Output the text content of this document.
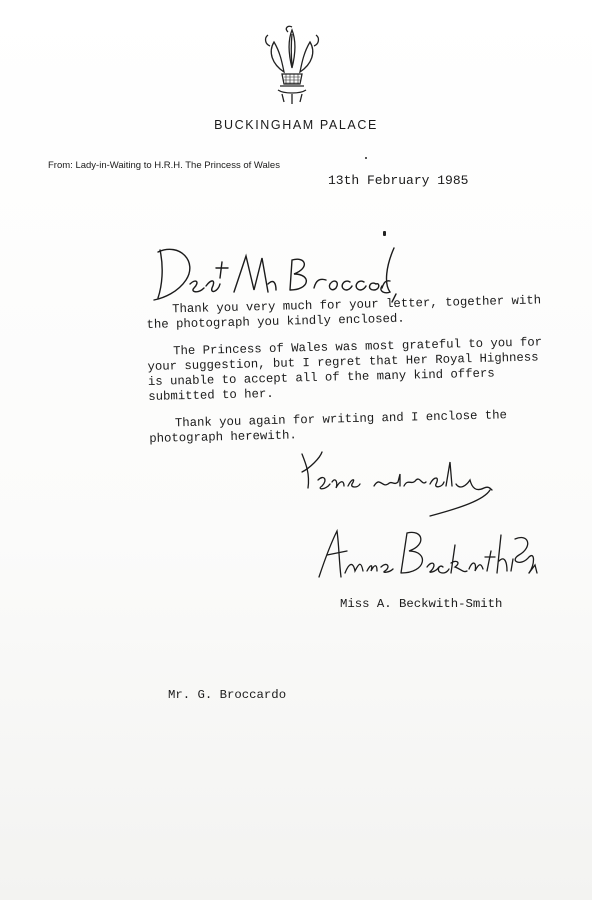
BUCKINGHAM PALACE
From: Lady-in-Waiting to H.R.H. The Princess of Wales
13th February 1985

Thank you very much for your letter, together with the photograph you kindly enclosed.

The Princess of Wales was most grateful to you for your suggestion, but I regret that Her Royal Highness is unable to accept all of the many kind offers submitted to her.

Thank you again for writing and I enclose the photograph herewith.

Miss A. Beckwith-Smith
Mr. G. Broccardo
